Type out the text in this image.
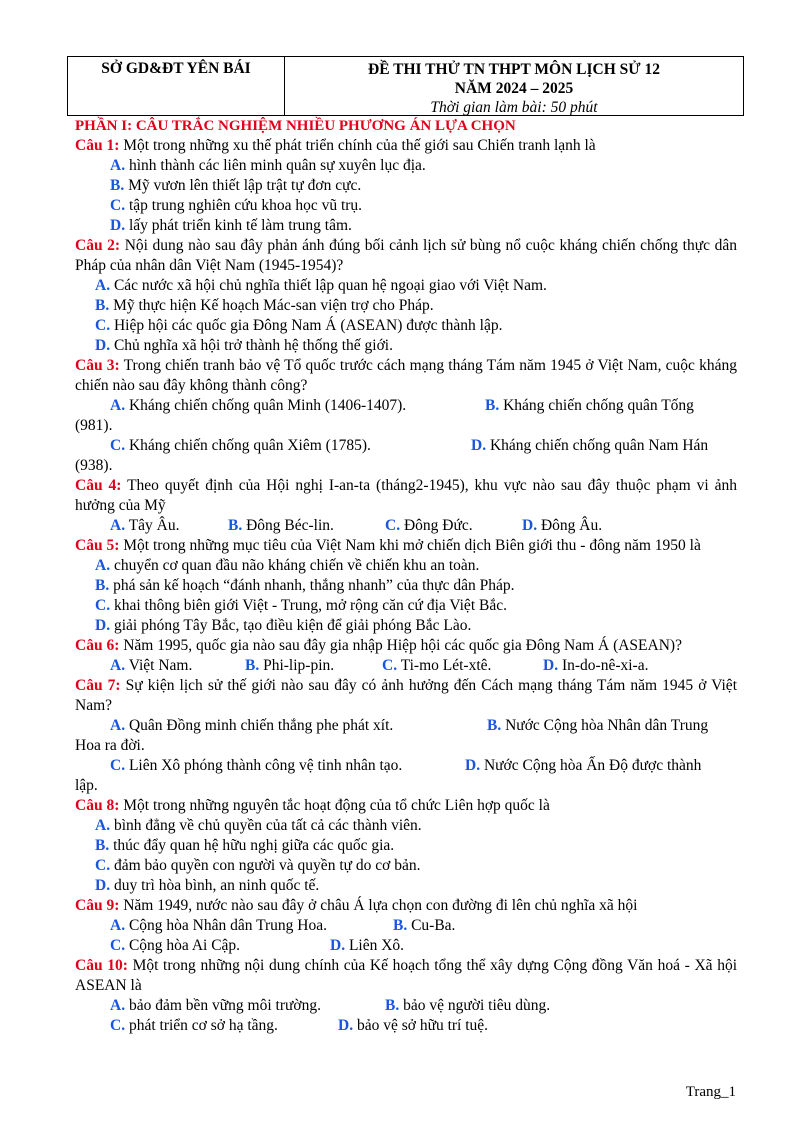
SỞ GD&ĐT YÊN BÁI	ĐỀ THI THỬ TN THPT MÔN LỊCH SỬ 12
NĂM 2024 – 2025
Thời gian làm bài: 50 phút
PHẦN I: CÂU TRẮC NGHIỆM NHIỀU PHƯƠNG ÁN LỰA CHỌN
Câu 1: Một trong những xu thế phát triển chính của thế giới sau Chiến tranh lạnh là
A. hình thành các liên minh quân sự xuyên lục địa.
B. Mỹ vươn lên thiết lập trật tự đơn cực.
C. tập trung nghiên cứu khoa học vũ trụ.
D. lấy phát triển kinh tế làm trung tâm.
Câu 2: Nội dung nào sau đây phản ánh đúng bối cảnh lịch sử bùng nổ cuộc kháng chiến chống thực dân Pháp của nhân dân Việt Nam (1945-1954)?
A. Các nước xã hội chủ nghĩa thiết lập quan hệ ngoại giao với Việt Nam.
B. Mỹ thực hiện Kế hoạch Mác-san viện trợ cho Pháp.
C. Hiệp hội các quốc gia Đông Nam Á (ASEAN) được thành lập.
D. Chủ nghĩa xã hội trở thành hệ thống thế giới.
Câu 3: Trong chiến tranh bảo vệ Tổ quốc trước cách mạng tháng Tám năm 1945 ở Việt Nam, cuộc kháng chiến nào sau đây không thành công?
A. Kháng chiến chống quân Minh (1406-1407).	B. Kháng chiến chống quân Tống
(981).
C. Kháng chiến chống quân Xiêm (1785).	D. Kháng chiến chống quân Nam Hán
(938).
Câu 4: Theo quyết định của Hội nghị I-an-ta (tháng2-1945), khu vực nào sau đây thuộc phạm vi ảnh hưởng của Mỹ
A. Tây Âu.	B. Đông Béc-lin.	C. Đông Đức.	D. Đông Âu.
Câu 5: Một trong những mục tiêu của Việt Nam khi mở chiến dịch Biên giới thu - đông năm 1950 là
A. chuyển cơ quan đầu não kháng chiến về chiến khu an toàn.
B. phá sản kế hoạch “đánh nhanh, thắng nhanh” của thực dân Pháp.
C. khai thông biên giới Việt - Trung, mở rộng căn cứ địa Việt Bắc.
D. giải phóng Tây Bắc, tạo điều kiện để giải phóng Bắc Lào.
Câu 6: Năm 1995, quốc gia nào sau đây gia nhập Hiệp hội các quốc gia Đông Nam Á (ASEAN)?
A. Việt Nam.	B. Phi-lip-pin.	C. Ti-mo Lét-xtê.	D. In-do-nê-xi-a.
Câu 7: Sự kiện lịch sử thế giới nào sau đây có ảnh hưởng đến Cách mạng tháng Tám năm 1945 ở Việt Nam?
A. Quân Đồng minh chiến thắng phe phát xít.	B. Nước Cộng hòa Nhân dân Trung
Hoa ra đời.
C. Liên Xô phóng thành công vệ tinh nhân tạo.	D. Nước Cộng hòa Ấn Độ được thành
lập.
Câu 8: Một trong những nguyên tắc hoạt động của tổ chức Liên hợp quốc là
A. bình đẳng về chủ quyền của tất cả các thành viên.
B. thúc đẩy quan hệ hữu nghị giữa các quốc gia.
C. đảm bảo quyền con người và quyền tự do cơ bản.
D. duy trì hòa bình, an ninh quốc tế.
Câu 9: Năm 1949, nước nào sau đây ở châu Á lựa chọn con đường đi lên chủ nghĩa xã hội
A. Cộng hòa Nhân dân Trung Hoa.	B. Cu-Ba.
C. Cộng hòa Ai Cập.	D. Liên Xô.
Câu 10: Một trong những nội dung chính của Kế hoạch tổng thể xây dựng Cộng đồng Văn hoá - Xã hội ASEAN là
A. bảo đảm bền vững môi trường.	B. bảo vệ người tiêu dùng.
C. phát triển cơ sở hạ tầng.	D. bảo vệ sở hữu trí tuệ.
Trang_1
